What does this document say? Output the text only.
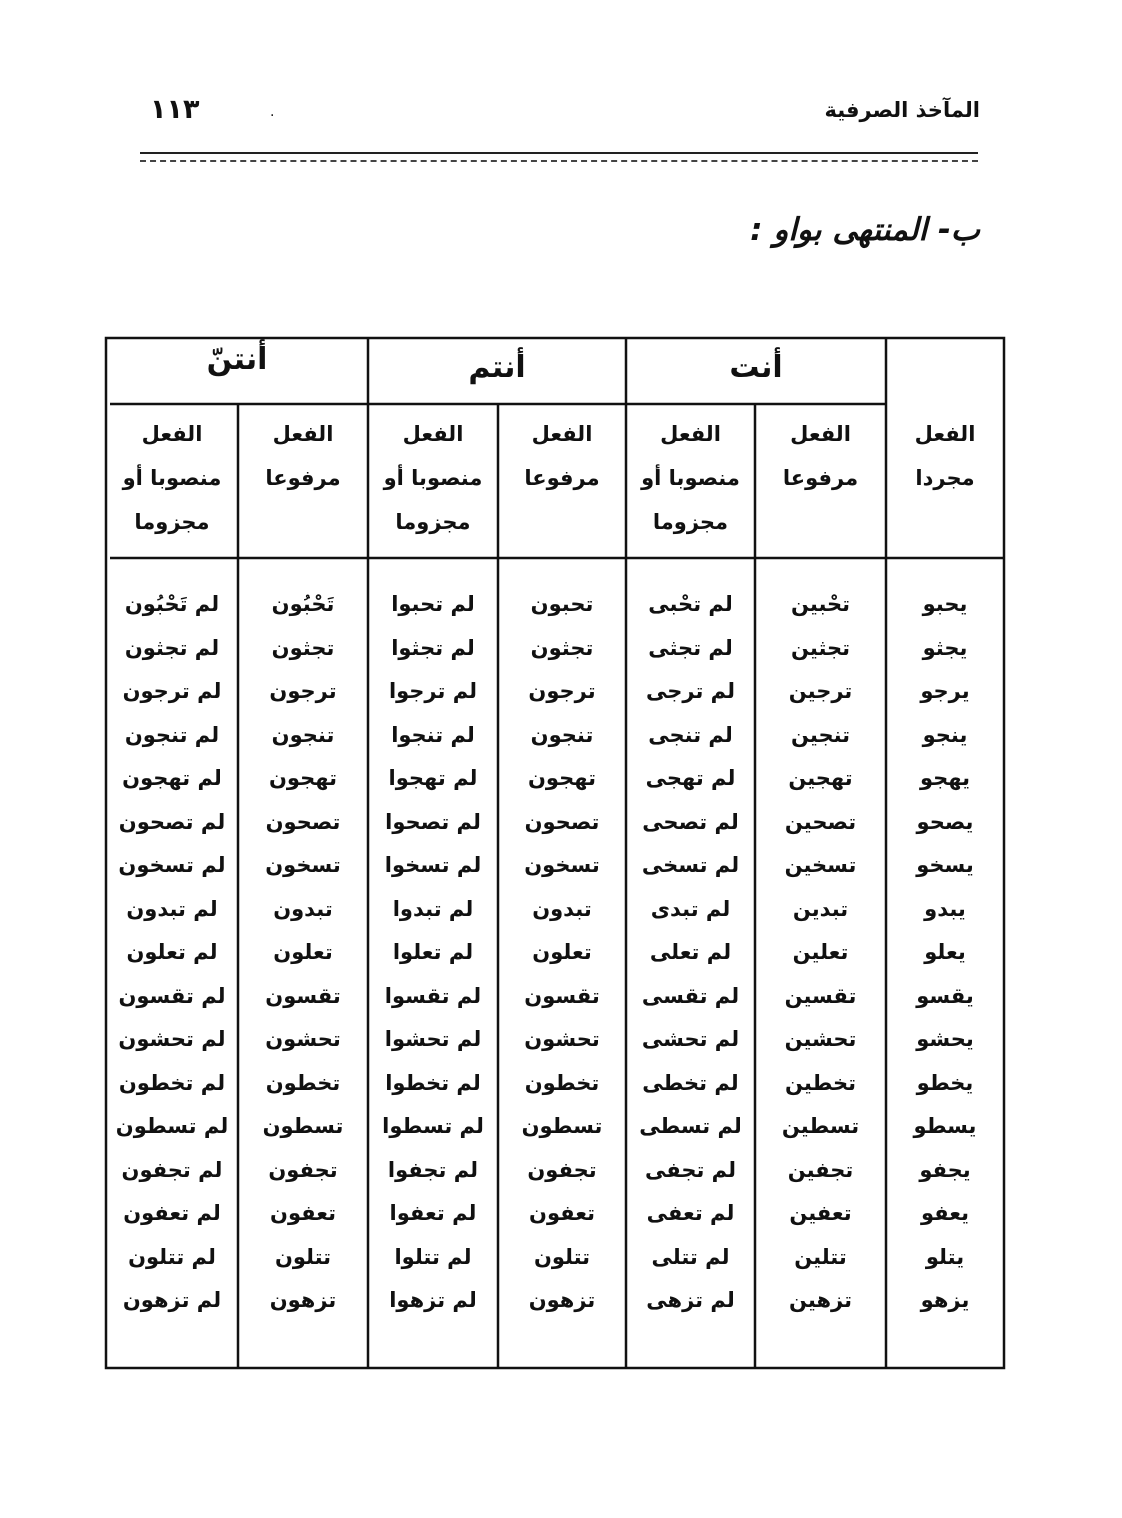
المآخذ الصرفية
١١٣	·
ب- المنتهى بواو :
أنت
أنتم
أنتنّ
الفعل
مجردا
الفعل
مرفوعا
الفعل
منصوبا أو
مجزوما
الفعل
مرفوعا
الفعل
منصوبا أو
مجزوما
الفعل
مرفوعا
الفعل
منصوبا أو
مجزوما
يحبو
تحْبين
لم تحْبى
تحبون
لم تحبوا
تَحْبُون
لم تَحْبُون
يجثو
تجثين
لم تجثى
تجثون
لم تجثوا
تجثون
لم تجثون
يرجو
ترجين
لم ترجى
ترجون
لم ترجوا
ترجون
لم ترجون
ينجو
تنجين
لم تنجى
تنجون
لم تنجوا
تنجون
لم تنجون
يهجو
تهجين
لم تهجى
تهجون
لم تهجوا
تهجون
لم تهجون
يصحو
تصحين
لم تصحى
تصحون
لم تصحوا
تصحون
لم تصحون
يسخو
تسخين
لم تسخى
تسخون
لم تسخوا
تسخون
لم تسخون
يبدو
تبدين
لم تبدى
تبدون
لم تبدوا
تبدون
لم تبدون
يعلو
تعلين
لم تعلى
تعلون
لم تعلوا
تعلون
لم تعلون
يقسو
تقسين
لم تقسى
تقسون
لم تقسوا
تقسون
لم تقسون
يحشو
تحشين
لم تحشى
تحشون
لم تحشوا
تحشون
لم تحشون
يخطو
تخطين
لم تخطى
تخطون
لم تخطوا
تخطون
لم تخطون
يسطو
تسطين
لم تسطى
تسطون
لم تسطوا
تسطون
لم تسطون
يجفو
تجفين
لم تجفى
تجفون
لم تجفوا
تجفون
لم تجفون
يعفو
تعفين
لم تعفى
تعفون
لم تعفوا
تعفون
لم تعفون
يتلو
تتلين
لم تتلى
تتلون
لم تتلوا
تتلون
لم تتلون
يزهو
تزهين
لم تزهى
تزهون
لم تزهوا
تزهون
لم تزهون
